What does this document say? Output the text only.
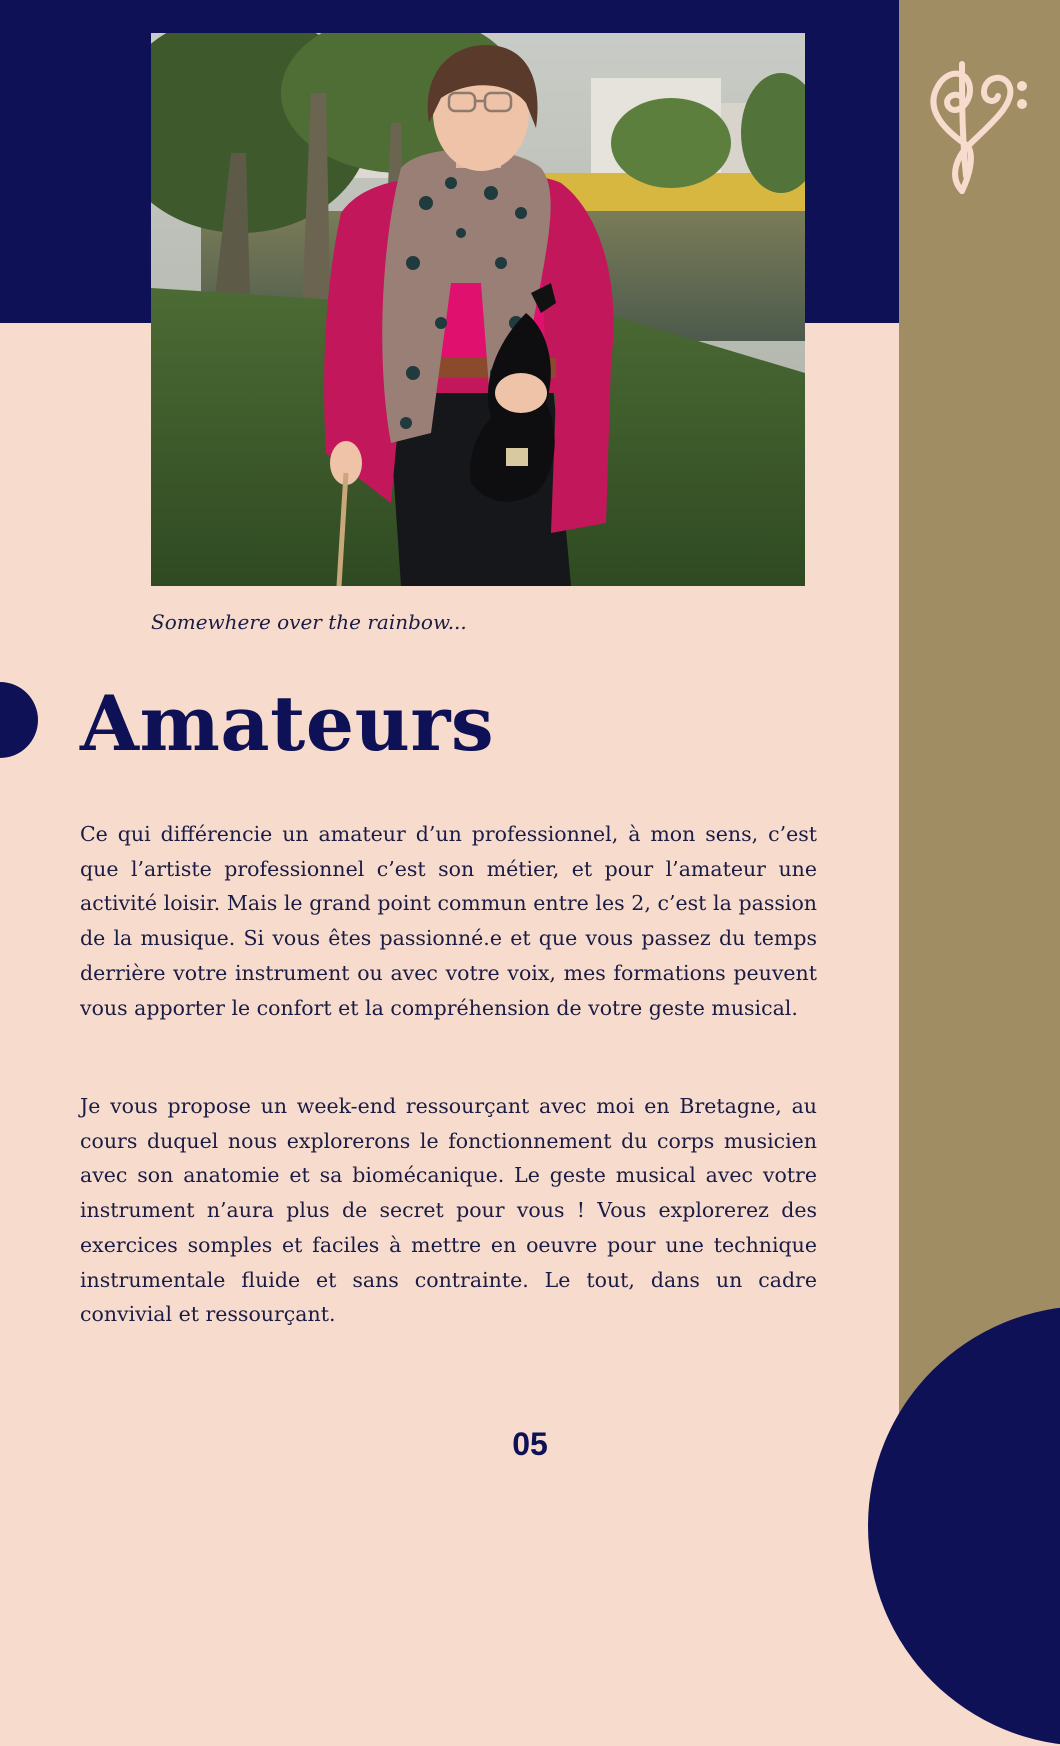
Somewhere over the rainbow...

Amateurs

Ce qui différencie un amateur d’un professionnel, à mon sens, c’est que l’artiste professionnel c’est son métier, et pour l’amateur une activité loisir. Mais le grand point commun entre les 2, c’est la passion de la musique. Si vous êtes passionné.e et que vous passez du temps derrière votre instrument ou avec votre voix, mes formations peuvent vous apporter le confort et la compréhension de votre geste musical.

Je vous propose un week-end ressourçant avec moi en Bretagne, au cours duquel nous explorerons le fonctionnement du corps musicien avec son anatomie et sa biomécanique. Le geste musical avec votre instrument n’aura plus de secret pour vous ! Vous explorerez des exercices somples et faciles à mettre en oeuvre pour une technique instrumentale fluide et sans contrainte. Le tout, dans un cadre convivial et ressourçant.

05
